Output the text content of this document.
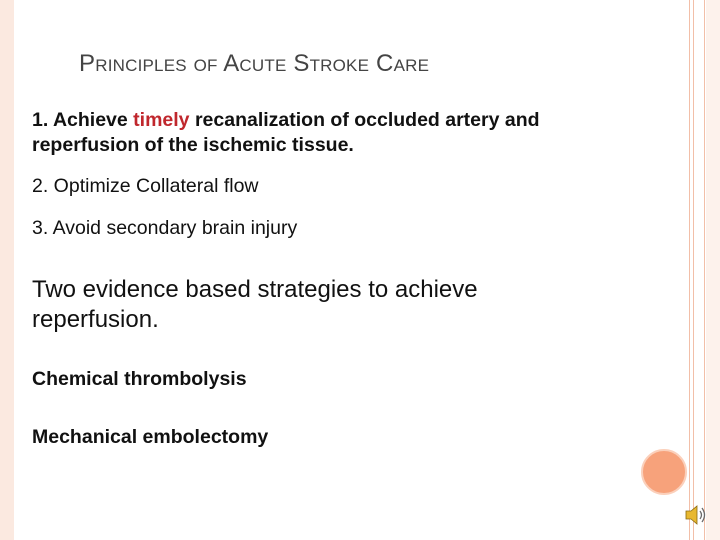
Principles of Acute Stroke Care
1. Achieve timely recanalization of occluded artery and
reperfusion of the ischemic tissue.
2. Optimize Collateral flow
3. Avoid secondary brain injury
Two evidence based strategies to achieve
reperfusion.
Chemical thrombolysis
Mechanical embolectomy
